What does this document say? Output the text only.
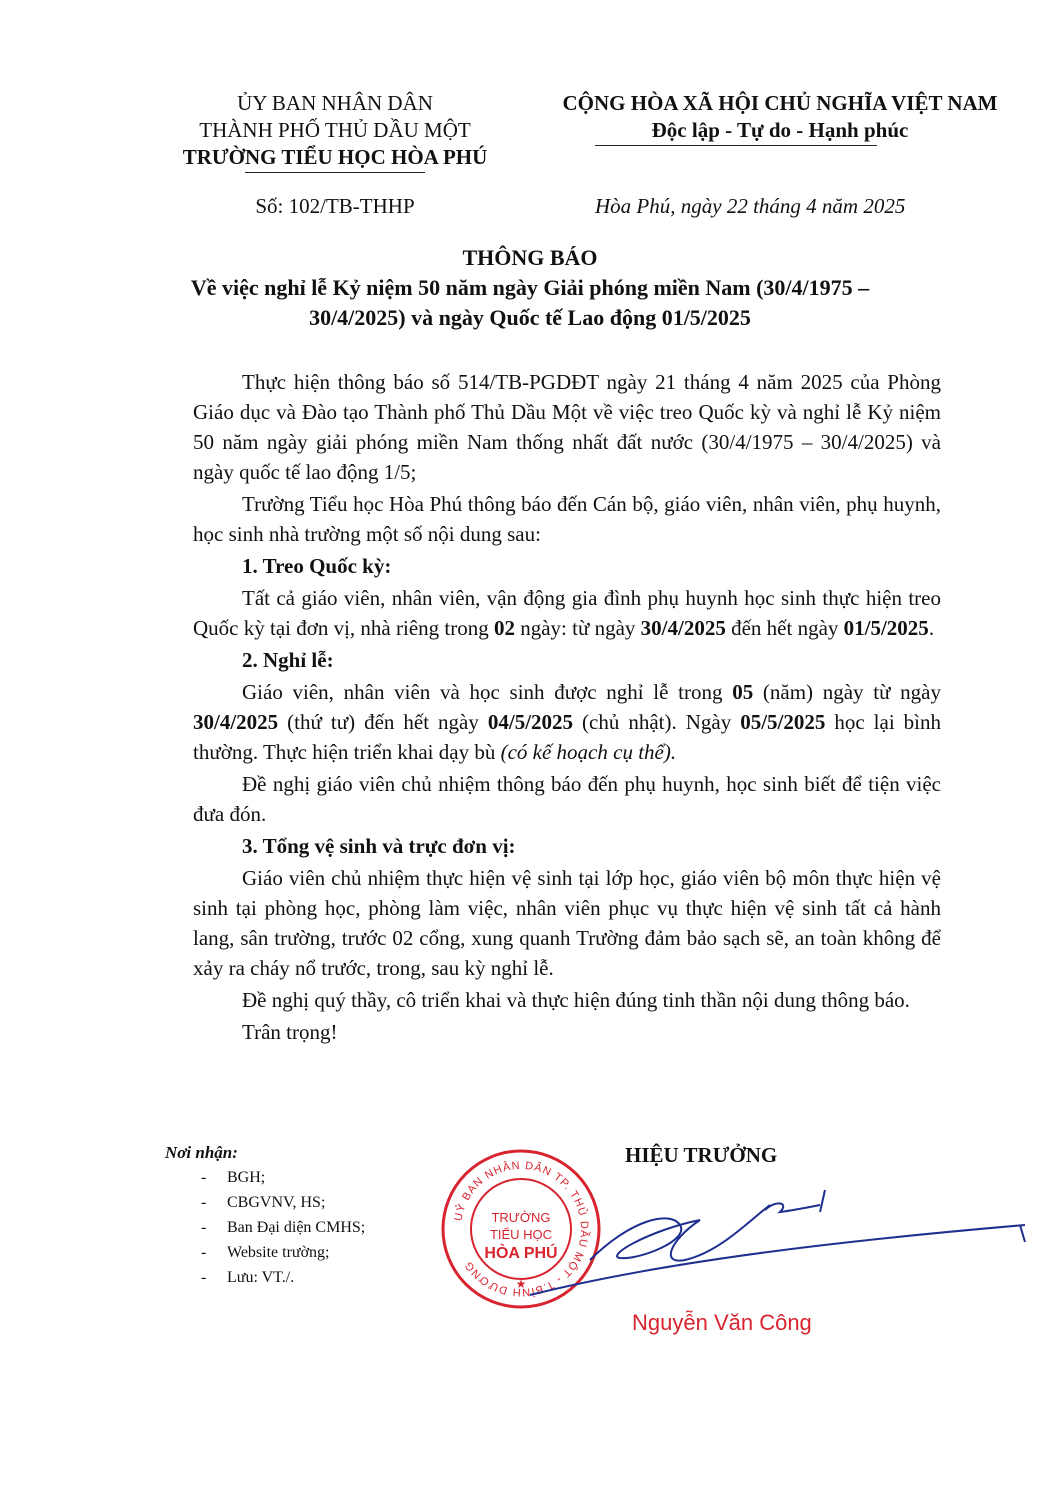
ỦY BAN NHÂN DÂN
THÀNH PHỐ THỦ DẦU MỘT
TRƯỜNG TIỂU HỌC HÒA PHÚ
Số: 102/TB-THHP
CỘNG HÒA XÃ HỘI CHỦ NGHĨA VIỆT NAM
Độc lập - Tự do - Hạnh phúc
Hòa Phú, ngày 22 tháng 4 năm 2025
THÔNG BÁO
Về việc nghỉ lễ Kỷ niệm 50 năm ngày Giải phóng miền Nam (30/4/1975 –
30/4/2025) và ngày Quốc tế Lao động 01/5/2025

Thực hiện thông báo số 514/TB-PGDĐT ngày 21 tháng 4 năm 2025 của Phòng Giáo dục và Đào tạo Thành phố Thủ Dầu Một về việc treo Quốc kỳ và nghỉ lễ Kỷ niệm 50 năm ngày giải phóng miền Nam thống nhất đất nước (30/4/1975 – 30/4/2025) và ngày quốc tế lao động 1/5;

Trường Tiểu học Hòa Phú thông báo đến Cán bộ, giáo viên, nhân viên, phụ huynh, học sinh nhà trường một số nội dung sau:

1. Treo Quốc kỳ:

Tất cả giáo viên, nhân viên, vận động gia đình phụ huynh học sinh thực hiện treo Quốc kỳ tại đơn vị, nhà riêng trong 02 ngày: từ ngày 30/4/2025 đến hết ngày 01/5/2025.

2. Nghỉ lễ:

Giáo viên, nhân viên và học sinh được nghỉ lễ trong 05 (năm) ngày từ ngày 30/4/2025 (thứ tư) đến hết ngày 04/5/2025 (chủ nhật). Ngày 05/5/2025 học lại bình thường. Thực hiện triển khai dạy bù (có kế hoạch cụ thể).

Đề nghị giáo viên chủ nhiệm thông báo đến phụ huynh, học sinh biết để tiện việc đưa đón.

3. Tổng vệ sinh và trực đơn vị:

Giáo viên chủ nhiệm thực hiện vệ sinh tại lớp học, giáo viên bộ môn thực hiện vệ sinh tại phòng học, phòng làm việc, nhân viên phục vụ thực hiện vệ sinh tất cả hành lang, sân trường, trước 02 cổng, xung quanh Trường đảm bảo sạch sẽ, an toàn không để xảy ra cháy nổ trước, trong, sau kỳ nghỉ lễ.

Đề nghị quý thầy, cô triển khai và thực hiện đúng tinh thần nội dung thông báo.

Trân trọng!

Nơi nhận:
- BGH;
- CBGVNV, HS;
- Ban Đại diện CMHS;
- Website trường;
- Lưu: VT./.
HIỆU TRƯỞNG
UỶ BAN NHÂN DÂN TP. THỦ DẦU MỘT - T.BÌNH DƯƠNG
TRƯỜNG
TIỂU HỌC
HÒA PHÚ
★
Nguyễn Văn Công
